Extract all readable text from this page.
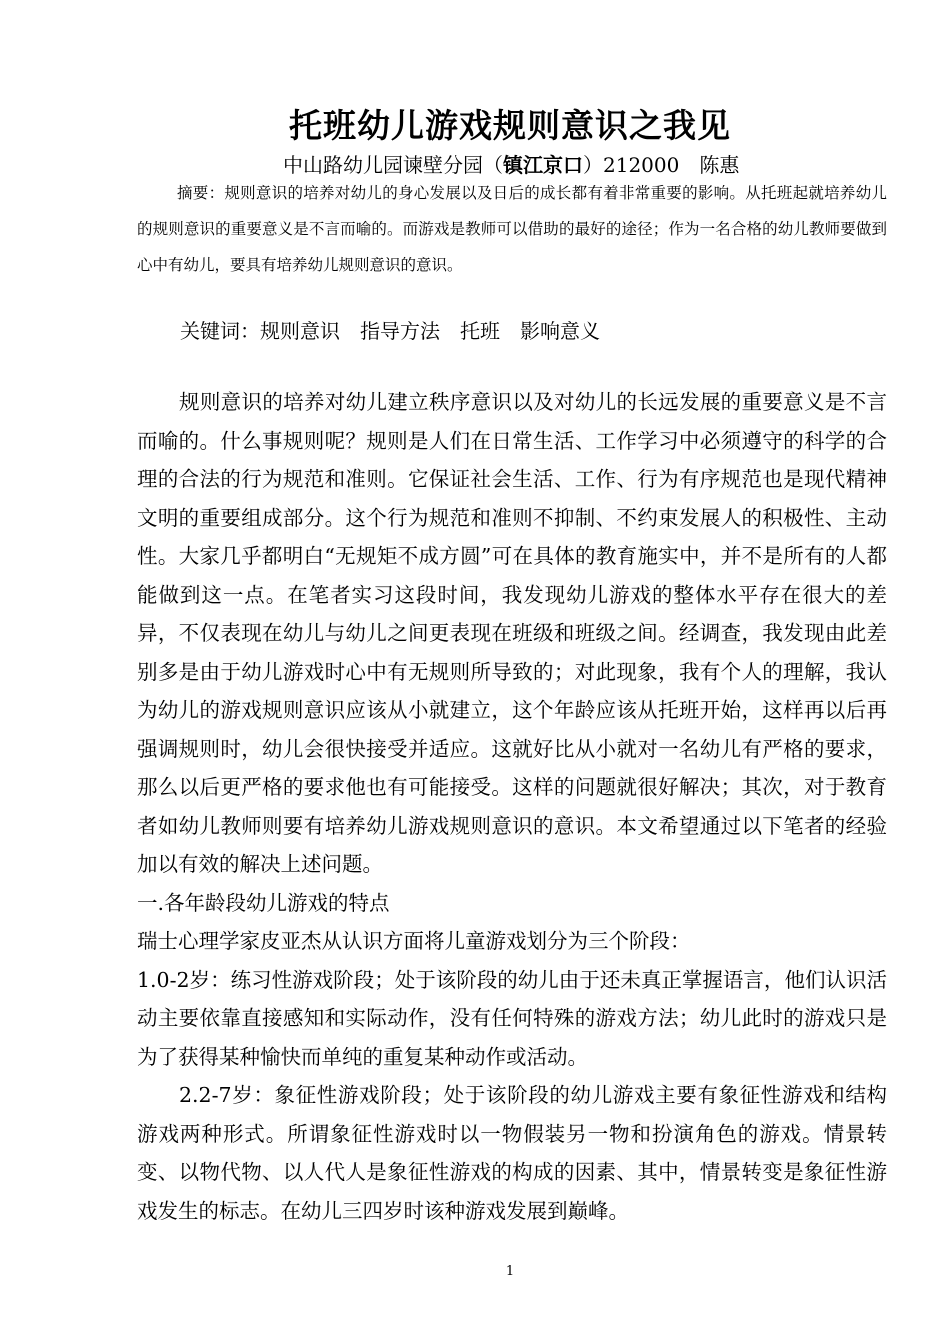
托班幼儿游戏规则意识之我见
中山路幼儿园谏壁分园（镇江京口）212000　陈惠
摘要：规则意识的培养对幼儿的身心发展以及日后的成长都有着非常重要的影响。从托班起就培养幼儿的规则意识的重要意义是不言而喻的。而游戏是教师可以借助的最好的途径；作为一名合格的幼儿教师要做到心中有幼儿，要具有培养幼儿规则意识的意识。
关键词：规则意识　指导方法　托班　影响意义

规则意识的培养对幼儿建立秩序意识以及对幼儿的长远发展的重要意义是不言而喻的。什么事规则呢？规则是人们在日常生活、工作学习中必须遵守的科学的合理的合法的行为规范和准则。它保证社会生活、工作、行为有序规范也是现代精神文明的重要组成部分。这个行为规范和准则不抑制、不约束发展人的积极性、主动性。大家几乎都明白“无规矩不成方圆”可在具体的教育施实中，并不是所有的人都能做到这一点。在笔者实习这段时间，我发现幼儿游戏的整体水平存在很大的差异，不仅表现在幼儿与幼儿之间更表现在班级和班级之间。经调查，我发现由此差别多是由于幼儿游戏时心中有无规则所导致的；对此现象，我有个人的理解，我认为幼儿的游戏规则意识应该从小就建立，这个年龄应该从托班开始，这样再以后再强调规则时，幼儿会很快接受并适应。这就好比从小就对一名幼儿有严格的要求，那么以后更严格的要求他也有可能接受。这样的问题就很好解决；其次，对于教育者如幼儿教师则要有培养幼儿游戏规则意识的意识。本文希望通过以下笔者的经验加以有效的解决上述问题。

一.各年龄段幼儿游戏的特点

瑞士心理学家皮亚杰从认识方面将儿童游戏划分为三个阶段：

1.0-2岁：练习性游戏阶段；处于该阶段的幼儿由于还未真正掌握语言，他们认识活动主要依靠直接感知和实际动作，没有任何特殊的游戏方法；幼儿此时的游戏只是为了获得某种愉快而单纯的重复某种动作或活动。

2.2-7岁：象征性游戏阶段；处于该阶段的幼儿游戏主要有象征性游戏和结构游戏两种形式。所谓象征性游戏时以一物假装另一物和扮演角色的游戏。情景转变、以物代物、以人代人是象征性游戏的构成的因素、其中，情景转变是象征性游戏发生的标志。在幼儿三四岁时该种游戏发展到巅峰。

1
